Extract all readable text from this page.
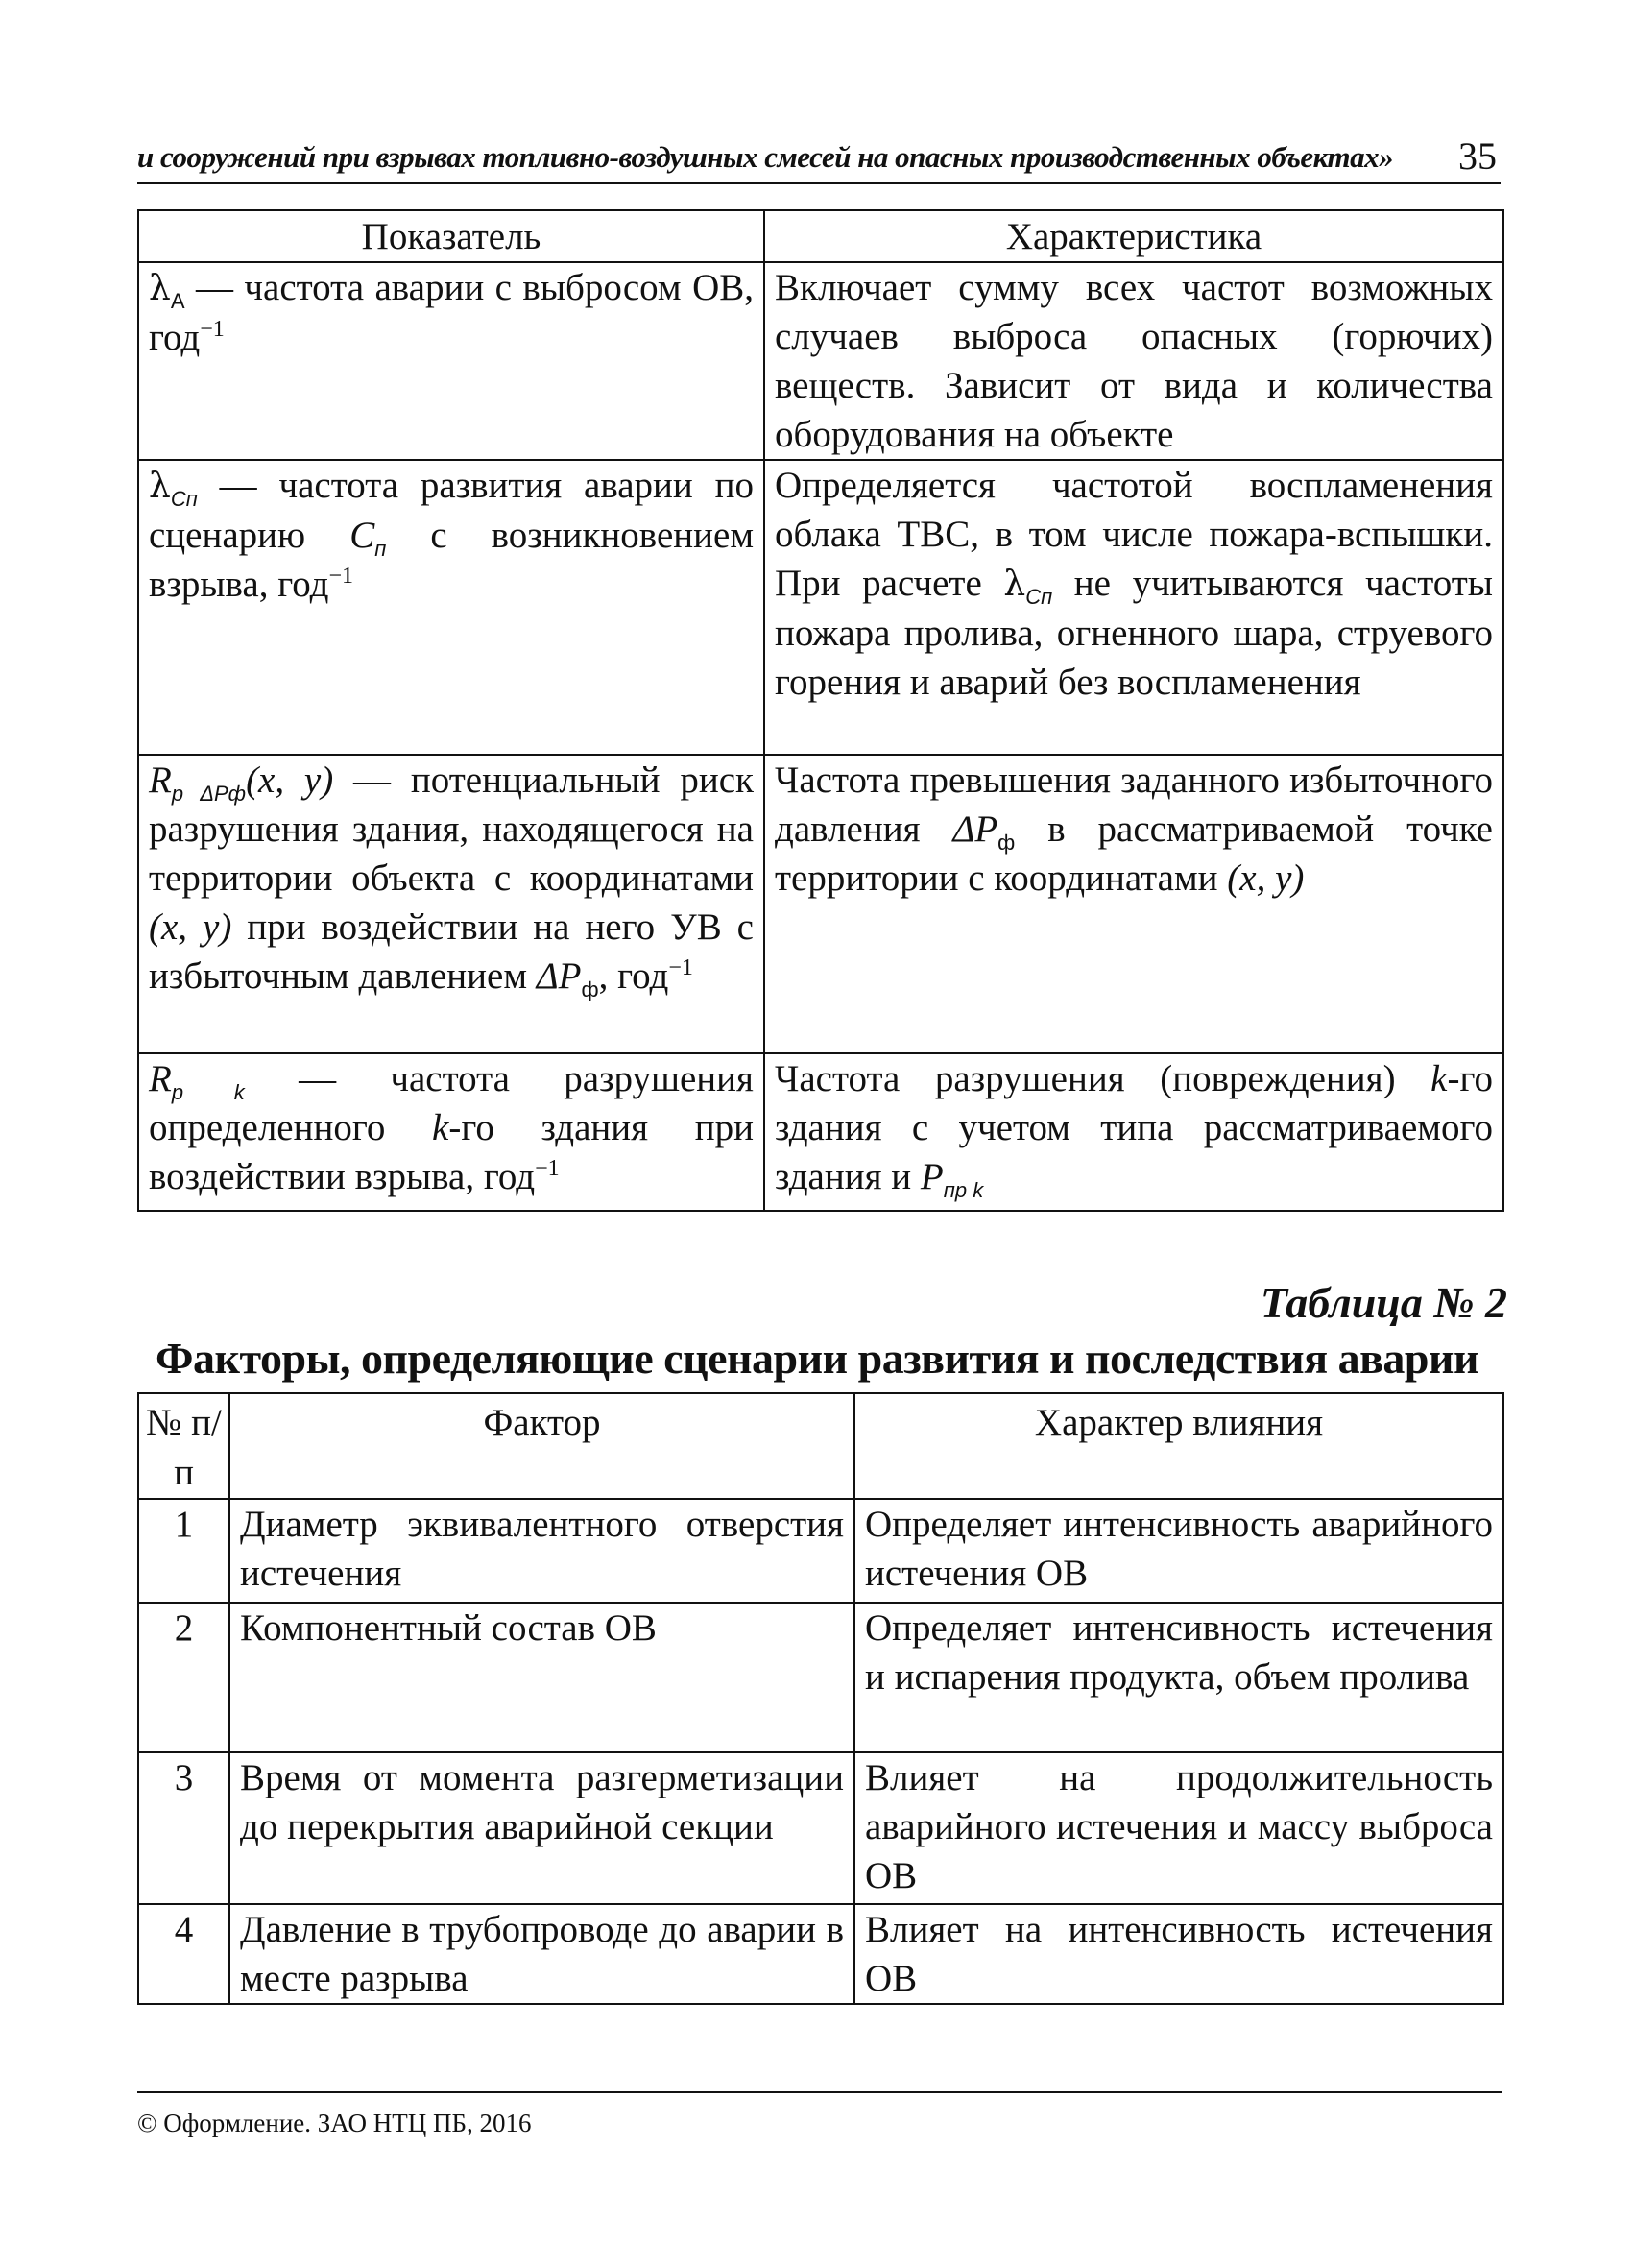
и сооружений при взрывах топливно-воздушных смесей на опасных производственных объектах» 35
Показатель	Характеристика
$\lambda_А$ — частота аварии с выбросом ОВ, год$^{-1}$	Включает сумму всех частот возможных случаев выброса опасных (горючих) веществ. Зависит от вида и количества оборудования на объекте
$\lambda_{Cп}$ — частота развития аварии по сценарию $C_п$ с возникновением взрыва, год$^{-1}$	Определяется частотой воспламенения облака ТВС, в том числе пожара-вспышки. При расчете $\lambda_{Cп}$ не учитываются частоты пожара пролива, огненного шара, струевого горения и аварий без воспламенения
$R_{р \Delta Pф}(x$, y) — потенциальный риск разрушения здания, находящегося на территории объекта с координатами (x, y) при воздействии на него УВ с избыточным давлением $\Delta P_ф$, год$^{-1}$	Частота превышения заданного избыточного давления $\Delta P_ф$ в рассматриваемой точке территории с координатами (x, y)
$R_{р k}$ — частота разрушения определенного k-го здания при воздействии взрыва, год$^{-1}$	Частота разрушения (повреждения) k-го здания с учетом типа рассматриваемого здания и $P_{пр k}$
Таблица № 2
Факторы, определяющие сценарии развития и последствия аварии
№ п/п	Фактор	Характер влияния
1	Диаметр эквивалентного отверстия истечения	Определяет интенсивность аварийного истечения ОВ
2	Компонентный состав ОВ	Определяет интенсивность истечения и испарения продукта, объем пролива
3	Время от момента разгерметизации до перекрытия аварийной секции	Влияет на продолжительность аварийного истечения и массу выброса ОВ
4	Давление в трубопроводе до аварии в месте разрыва	Влияет на интенсивность истечения ОВ
© Оформление. ЗАО НТЦ ПБ, 2016
